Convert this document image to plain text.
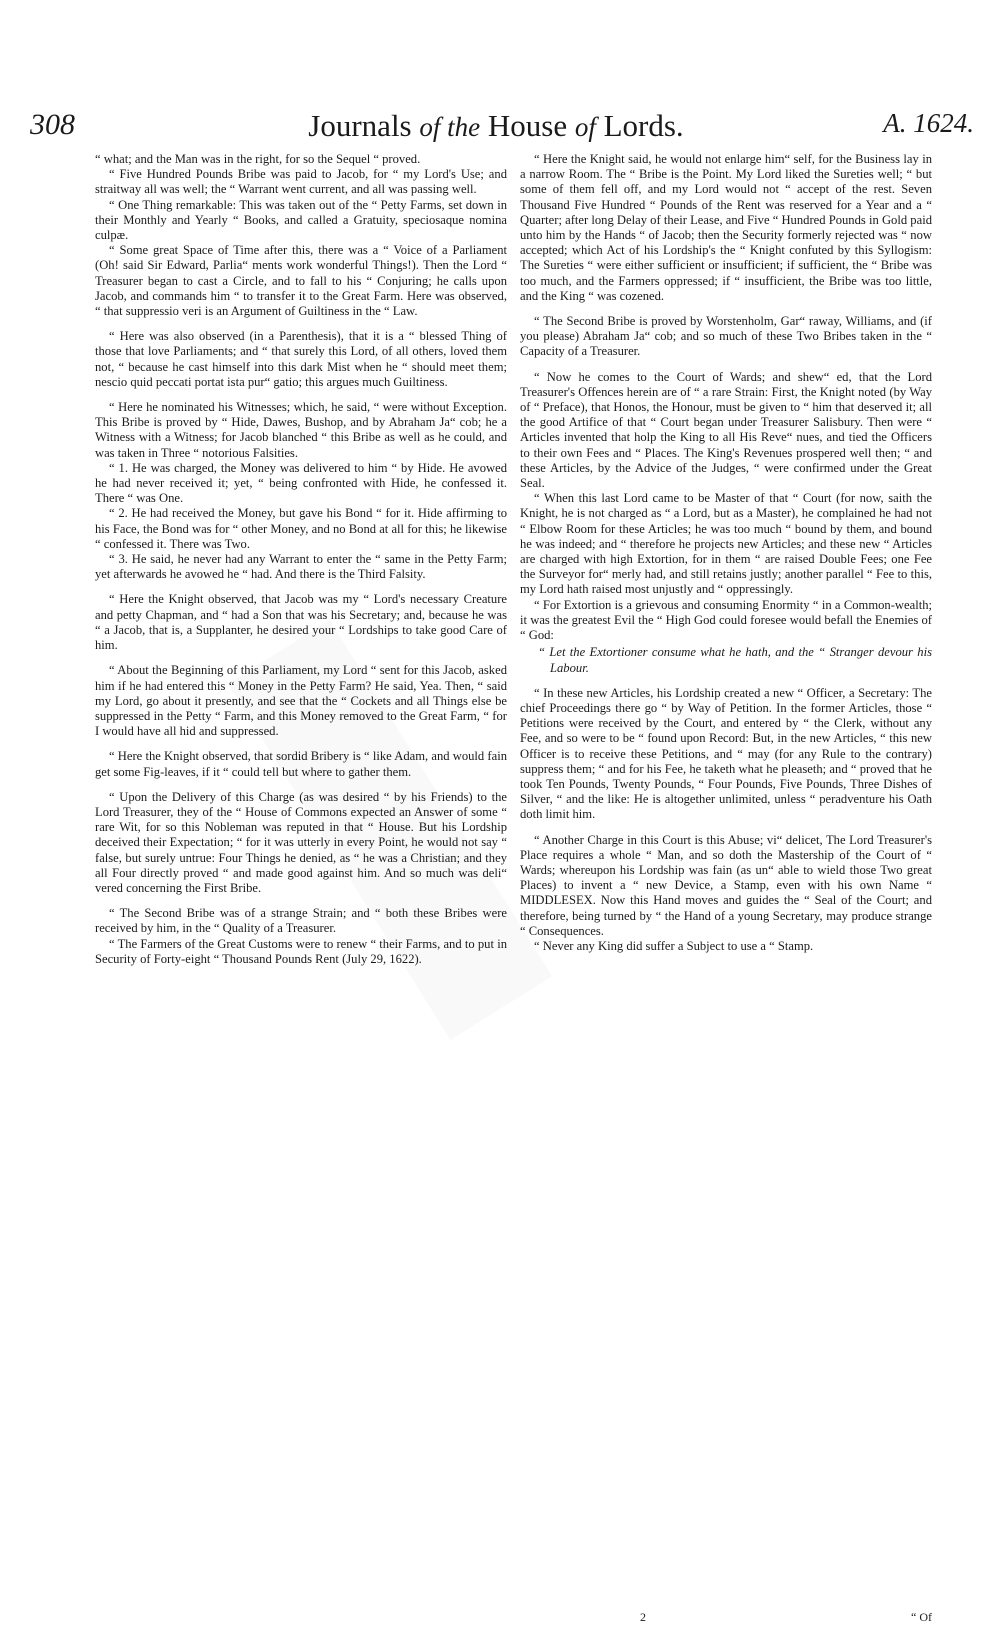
308	Journals of the House of Lords.	A. 1624.

“ what; and the Man was in the right, for so the Sequel “ proved.

“ Five Hundred Pounds Bribe was paid to Jacob, for “ my Lord's Use; and straitway all was well; the “ Warrant went current, and all was passing well.

“ One Thing remarkable: This was taken out of the “ Petty Farms, set down in their Monthly and Yearly “ Books, and called a Gratuity, speciosaque nomina culpæ.

“ Some great Space of Time after this, there was a “ Voice of a Parliament (Oh! said Sir Edward, Parlia“ ments work wonderful Things!). Then the Lord “ Treasurer began to cast a Circle, and to fall to his “ Conjuring; he calls upon Jacob, and commands him “ to transfer it to the Great Farm. Here was observed, “ that suppressio veri is an Argument of Guiltiness in the “ Law.

“ Here was also observed (in a Parenthesis), that it is a “ blessed Thing of those that love Parliaments; and “ that surely this Lord, of all others, loved them not, “ because he cast himself into this dark Mist when he “ should meet them; nescio quid peccati portat ista pur“ gatio; this argues much Guiltiness.

“ Here he nominated his Witnesses; which, he said, “ were without Exception. This Bribe is proved by “ Hide, Dawes, Bushop, and by Abraham Ja“ cob; he a Witness with a Witness; for Jacob blanched “ this Bribe as well as he could, and was taken in Three “ notorious Falsities.

“ 1. He was charged, the Money was delivered to him “ by Hide. He avowed he had never received it; yet, “ being confronted with Hide, he confessed it. There “ was One.

“ 2. He had received the Money, but gave his Bond “ for it. Hide affirming to his Face, the Bond was for “ other Money, and no Bond at all for this; he likewise “ confessed it. There was Two.

“ 3. He said, he never had any Warrant to enter the “ same in the Petty Farm; yet afterwards he avowed he “ had. And there is the Third Falsity.

“ Here the Knight observed, that Jacob was my “ Lord's necessary Creature and petty Chapman, and “ had a Son that was his Secretary; and, because he was “ a Jacob, that is, a Supplanter, he desired your “ Lordships to take good Care of him.

“ About the Beginning of this Parliament, my Lord “ sent for this Jacob, asked him if he had entered this “ Money in the Petty Farm? He said, Yea. Then, “ said my Lord, go about it presently, and see that the “ Cockets and all Things else be suppressed in the Petty “ Farm, and this Money removed to the Great Farm, “ for I would have all hid and suppressed.

“ Here the Knight observed, that sordid Bribery is “ like Adam, and would fain get some Fig-leaves, if it “ could tell but where to gather them.

“ Upon the Delivery of this Charge (as was desired “ by his Friends) to the Lord Treasurer, they of the “ House of Commons expected an Answer of some “ rare Wit, for so this Nobleman was reputed in that “ House. But his Lordship deceived their Expectation; “ for it was utterly in every Point, he would not say “ false, but surely untrue: Four Things he denied, as “ he was a Christian; and they all Four directly proved “ and made good against him. And so much was deli“ vered concerning the First Bribe.

“ The Second Bribe was of a strange Strain; and “ both these Bribes were received by him, in the “ Quality of a Treasurer.

“ The Farmers of the Great Customs were to renew “ their Farms, and to put in Security of Forty-eight “ Thousand Pounds Rent (July 29, 1622).

“ Here the Knight said, he would not enlarge him“ self, for the Business lay in a narrow Room. The “ Bribe is the Point. My Lord liked the Sureties well; “ but some of them fell off, and my Lord would not “ accept of the rest. Seven Thousand Five Hundred “ Pounds of the Rent was reserved for a Year and a “ Quarter; after long Delay of their Lease, and Five “ Hundred Pounds in Gold paid unto him by the Hands “ of Jacob; then the Security formerly rejected was “ now accepted; which Act of his Lordship's the “ Knight confuted by this Syllogism: The Sureties “ were either sufficient or insufficient; if sufficient, the “ Bribe was too much, and the Farmers oppressed; if “ insufficient, the Bribe was too little, and the King “ was cozened.

“ The Second Bribe is proved by Worstenholm, Gar“ raway, Williams, and (if you please) Abraham Ja“ cob; and so much of these Two Bribes taken in the “ Capacity of a Treasurer.

“ Now he comes to the Court of Wards; and shew“ ed, that the Lord Treasurer's Offences herein are of “ a rare Strain: First, the Knight noted (by Way of “ Preface), that Honos, the Honour, must be given to “ him that deserved it; all the good Artifice of that “ Court began under Treasurer Salisbury. Then were “ Articles invented that holp the King to all His Reve“ nues, and tied the Officers to their own Fees and “ Places. The King's Revenues prospered well then; “ and these Articles, by the Advice of the Judges, “ were confirmed under the Great Seal.

“ When this last Lord came to be Master of that “ Court (for now, saith the Knight, he is not charged as “ a Lord, but as a Master), he complained he had not “ Elbow Room for these Articles; he was too much “ bound by them, and bound he was indeed; and “ therefore he projects new Articles; and these new “ Articles are charged with high Extortion, for in them “ are raised Double Fees; one Fee the Surveyor for“ merly had, and still retains justly; another parallel “ Fee to this, my Lord hath raised most unjustly and “ oppressingly.

“ For Extortion is a grievous and consuming Enormity “ in a Common-wealth; it was the greatest Evil the “ High God could foresee would befall the Enemies of “ God:

“ Let the Extortioner consume what he hath, and the “ Stranger devour his Labour.

“ In these new Articles, his Lordship created a new “ Officer, a Secretary: The chief Proceedings there go “ by Way of Petition. In the former Articles, those “ Petitions were received by the Court, and entered by “ the Clerk, without any Fee, and so were to be “ found upon Record: But, in the new Articles, “ this new Officer is to receive these Petitions, and “ may (for any Rule to the contrary) suppress them; “ and for his Fee, he taketh what he pleaseth; and “ proved that he took Ten Pounds, Twenty Pounds, “ Four Pounds, Five Pounds, Three Dishes of Silver, “ and the like: He is altogether unlimited, unless “ peradventure his Oath doth limit him.

“ Another Charge in this Court is this Abuse; vi“ delicet, The Lord Treasurer's Place requires a whole “ Man, and so doth the Mastership of the Court of “ Wards; whereupon his Lordship was fain (as un“ able to wield those Two great Places) to invent a “ new Device, a Stamp, even with his own Name “ MIDDLESEX. Now this Hand moves and guides the “ Seal of the Court; and therefore, being turned by “ the Hand of a young Secretary, may produce strange “ Consequences.

“ Never any King did suffer a Subject to use a “ Stamp.

2	“ Of
